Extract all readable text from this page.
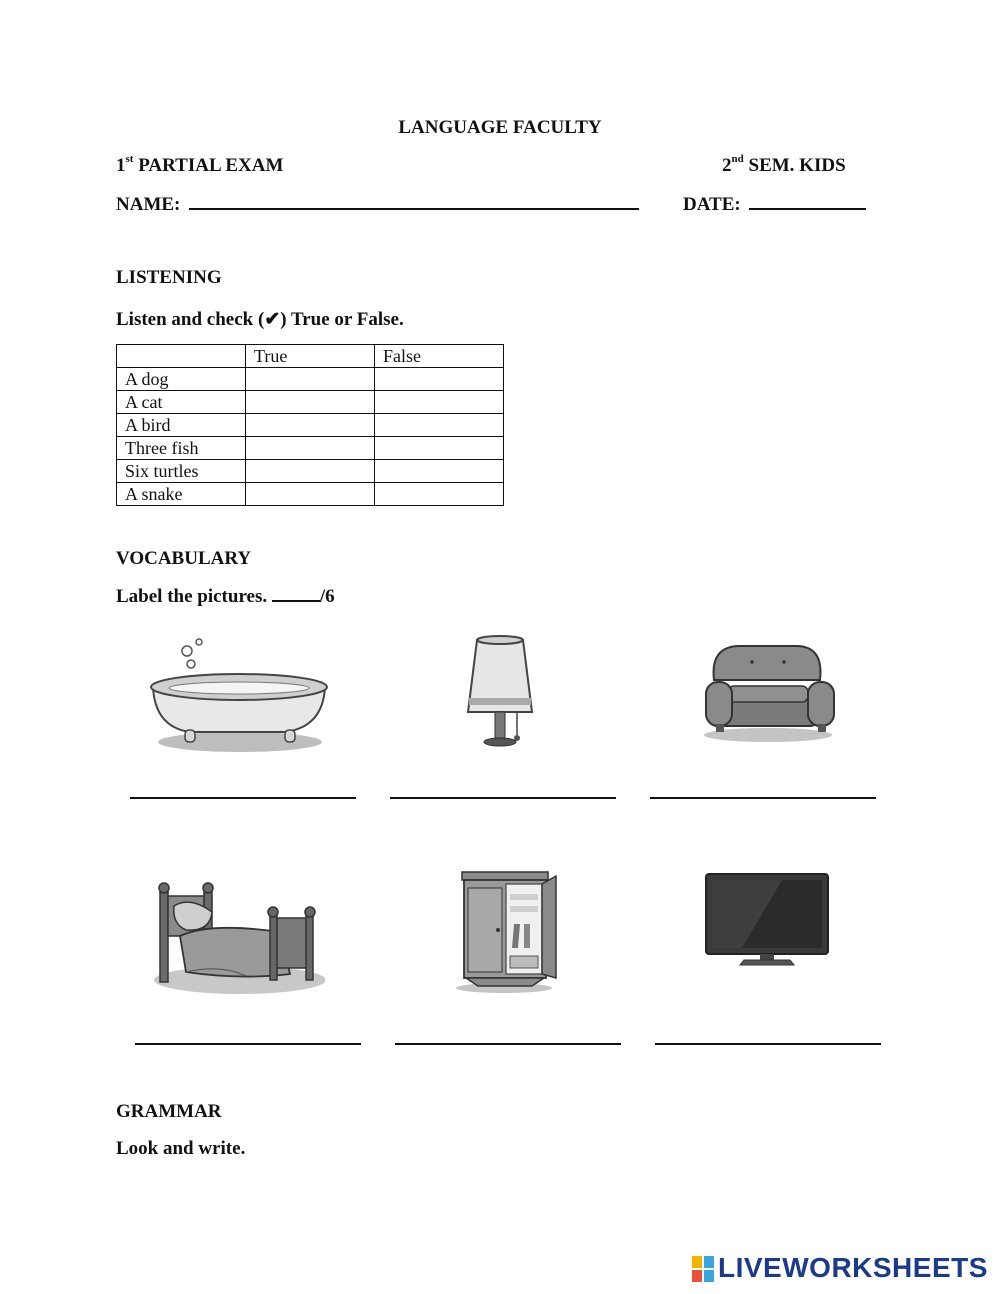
LANGUAGE FACULTY
1st PARTIAL EXAM	2nd SEM. KIDS
NAME:	DATE:
LISTENING
Listen and check (✔) True or False.
	True	False
A dog		
A cat		
A bird		
Three fish		
Six turtles		
A snake		
VOCABULARY
Label the pictures.	/6
GRAMMAR
Look and write.
LIVEWORKSHEETS
